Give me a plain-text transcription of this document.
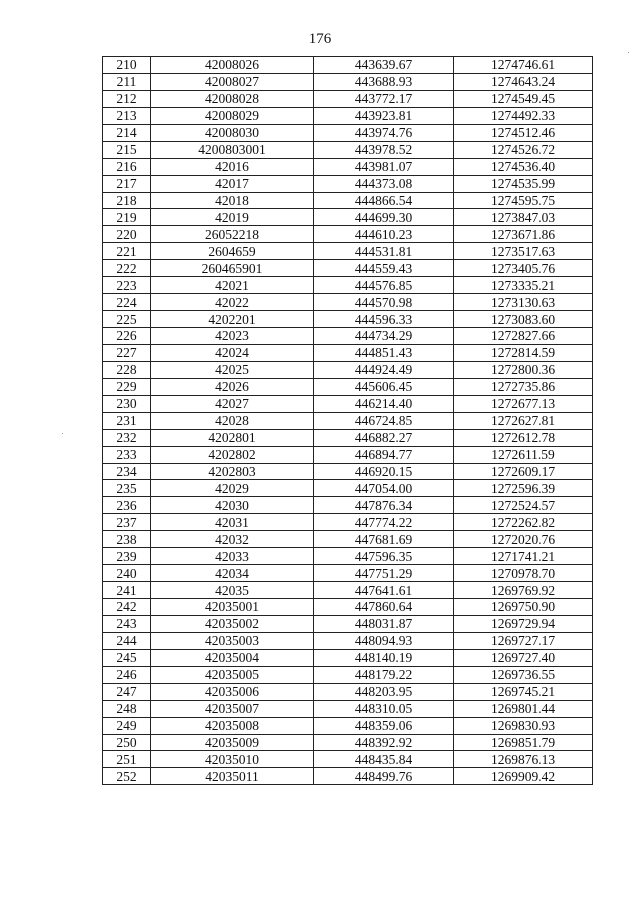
176
210	42008026	443639.67	1274746.61
211	42008027	443688.93	1274643.24
212	42008028	443772.17	1274549.45
213	42008029	443923.81	1274492.33
214	42008030	443974.76	1274512.46
215	4200803001	443978.52	1274526.72
216	42016	443981.07	1274536.40
217	42017	444373.08	1274535.99
218	42018	444866.54	1274595.75
219	42019	444699.30	1273847.03
220	26052218	444610.23	1273671.86
221	2604659	444531.81	1273517.63
222	260465901	444559.43	1273405.76
223	42021	444576.85	1273335.21
224	42022	444570.98	1273130.63
225	4202201	444596.33	1273083.60
226	42023	444734.29	1272827.66
227	42024	444851.43	1272814.59
228	42025	444924.49	1272800.36
229	42026	445606.45	1272735.86
230	42027	446214.40	1272677.13
231	42028	446724.85	1272627.81
232	4202801	446882.27	1272612.78
233	4202802	446894.77	1272611.59
234	4202803	446920.15	1272609.17
235	42029	447054.00	1272596.39
236	42030	447876.34	1272524.57
237	42031	447774.22	1272262.82
238	42032	447681.69	1272020.76
239	42033	447596.35	1271741.21
240	42034	447751.29	1270978.70
241	42035	447641.61	1269769.92
242	42035001	447860.64	1269750.90
243	42035002	448031.87	1269729.94
244	42035003	448094.93	1269727.17
245	42035004	448140.19	1269727.40
246	42035005	448179.22	1269736.55
247	42035006	448203.95	1269745.21
248	42035007	448310.05	1269801.44
249	42035008	448359.06	1269830.93
250	42035009	448392.92	1269851.79
251	42035010	448435.84	1269876.13
252	42035011	448499.76	1269909.42
